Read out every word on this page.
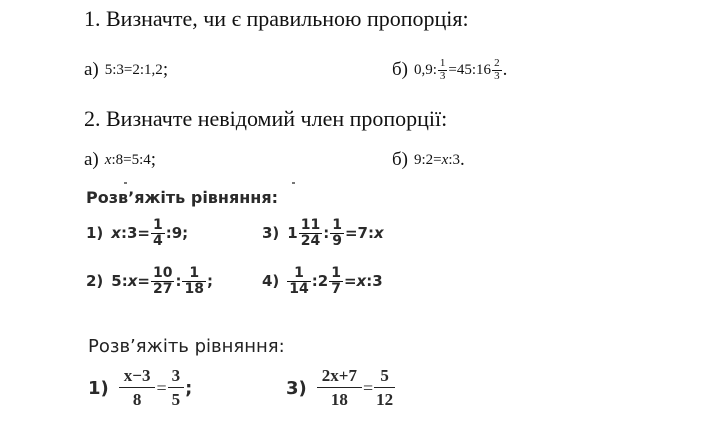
1. Визначте, чи є правильною пропорція:
а) 5:3=2:1,2 ;	б) 0,9: $\frac{1}{3}$ =45:16 $\frac{2}{3}$ .
2. Визначте невідомий член пропорції:
а) x:8=5:4 ;	б) 9:2=x:3 .
Розв’яжіть рівняння:
1) x :3= $\frac{1}{4}$ :9;	3) $1 \frac{11}{24}$ : $\frac{1}{9} =7$: x
2) 5: $x = \frac{10}{27}$ : $\frac{1}{18}$ ;	$4) \frac{1}{14}$ :2 $\frac{1}{7} = x$ :3
Розв’яжіть рівняння:
$1) \frac{x-3}{8} = \frac{3}{5}$ ;	$3) \frac{2x+7}{18} = \frac{5}{12}$
